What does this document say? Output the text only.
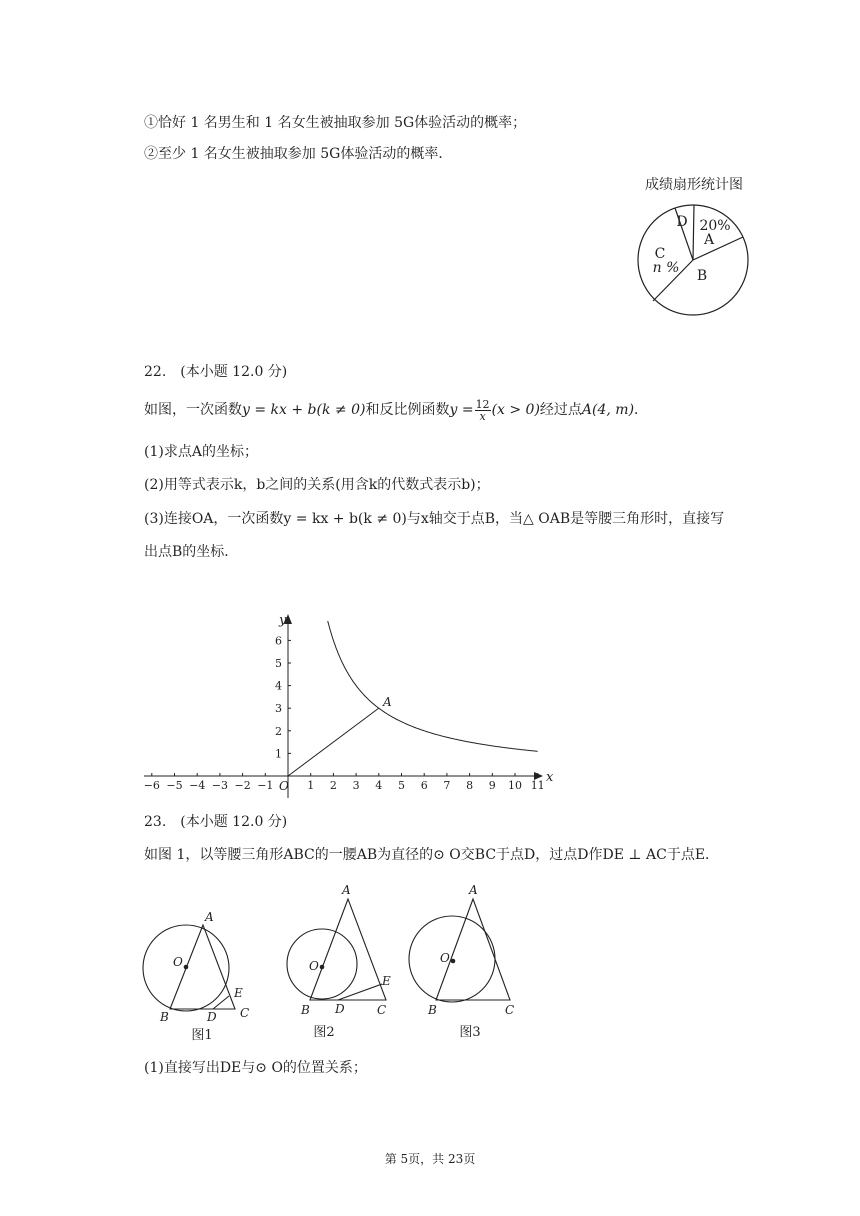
①恰好 1 名男生和 1 名女生被抽取参加 5G体验活动的概率；
②至少 1 名女生被抽取参加 5G体验活动的概率．
成绩扇形统计图
D 20%
A
C
n % B
22.　(本小题 12.0 分)
如图，一次函数y = kx + b(k ≠ 0)和反比例函数$y = \frac{12}{x} (x > 0)$经过点A(4, m)．
(1)求点A的坐标；
(2)用等式表示k，b之间的关系(用含k的代数式表示b)；
(3)连接OA，一次函数y = kx + b(k ≠ 0)与x轴交于点B，当△ OAB是等腰三角形时，直接写
出点B的坐标．
−6 −5 −4 −3 −2 −1	1 2 3 4 5 6 7 8 9 10 11
1
2
3
4
5
6
x
y
O
A
23.　(本小题 12.0 分)
如图 1，以等腰三角形ABC的一腰AB为直径的⊙ O交BC于点D，过点D作DE ⊥ AC于点E．
A
O
E
B	D C
图1
A
O
E
B D	C
图2
A
O
B	C
图3
(1)直接写出DE与⊙ O的位置关系；
第 5页，共 23页
